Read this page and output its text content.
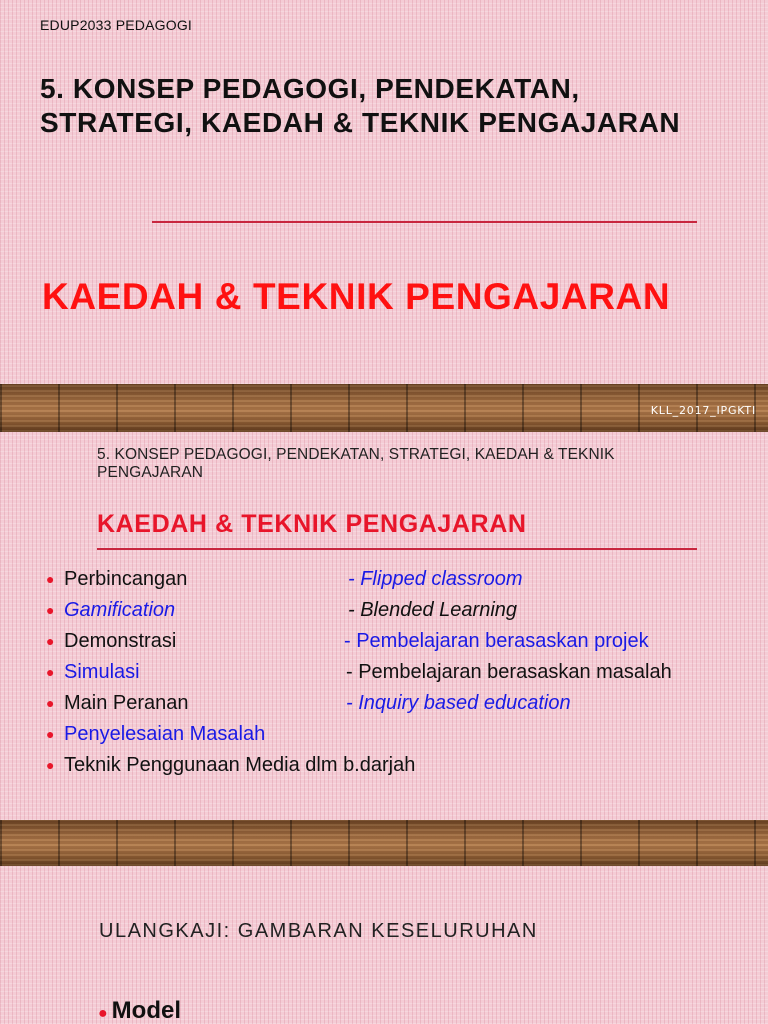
EDUP2033 PEDAGOGI
5. KONSEP PEDAGOGI, PENDEKATAN, STRATEGI, KAEDAH & TEKNIK PENGAJARAN
KAEDAH & TEKNIK PENGAJARAN
KLL_2017_IPGKTI

5. KONSEP PEDAGOGI, PENDEKATAN, STRATEGI, KAEDAH & TEKNIK PENGAJARAN

KAEDAH & TEKNIK PENGAJARAN
● Perbincangan	- Flipped classroom
● Gamification	- Blended Learning
● Demonstrasi	- Pembelajaran berasaskan projek
● Simulasi	- Pembelajaran berasaskan masalah
● Main Peranan	- Inquiry based education
● Penyelesaian Masalah
● Teknik Penggunaan Media dlm b.darjah
ULANGKAJI: GAMBARAN KESELURUHAN
● Model
